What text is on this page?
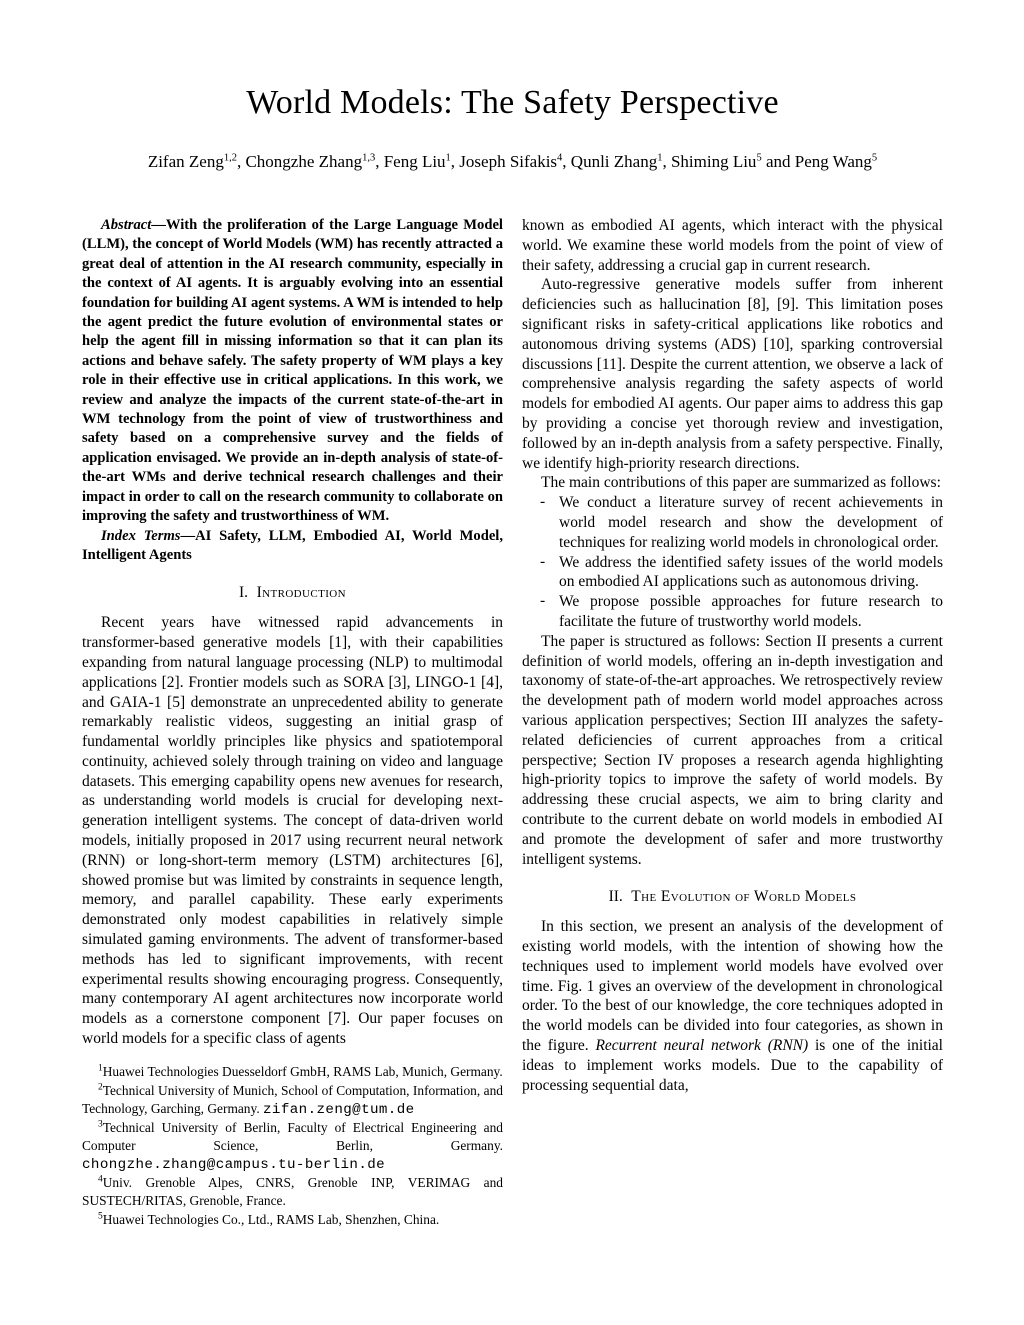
World Models: The Safety Perspective
Zifan Zeng$^{1,2}$, Chongzhe Zhang$^{1,3}$, Feng Liu$^1$, Joseph Sifakis$^4$, Qunli Zhang$^1$, Shiming Liu$^5$ and Peng Wang$^5$

Abstract—With the proliferation of the Large Language Model (LLM), the concept of World Models (WM) has recently attracted a great deal of attention in the AI research community, especially in the context of AI agents. It is arguably evolving into an essential foundation for building AI agent systems. A WM is intended to help the agent predict the future evolution of environmental states or help the agent fill in missing information so that it can plan its actions and behave safely. The safety property of WM plays a key role in their effective use in critical applications. In this work, we review and analyze the impacts of the current state-of-the-art in WM technology from the point of view of trustworthiness and safety based on a comprehensive survey and the fields of application envisaged. We provide an in-depth analysis of state-of-the-art WMs and derive technical research challenges and their impact in order to call on the research community to collaborate on improving the safety and trustworthiness of WM.

Index Terms—AI Safety, LLM, Embodied AI, World Model, Intelligent Agents

I. Introduction

Recent years have witnessed rapid advancements in transformer-based generative models [1], with their capabilities expanding from natural language processing (NLP) to multimodal applications [2]. Frontier models such as SORA [3], LINGO-1 [4], and GAIA-1 [5] demonstrate an unprecedented ability to generate remarkably realistic videos, suggesting an initial grasp of fundamental worldly principles like physics and spatiotemporal continuity, achieved solely through training on video and language datasets. This emerging capability opens new avenues for research, as understanding world models is crucial for developing next-generation intelligent systems. The concept of data-driven world models, initially proposed in 2017 using recurrent neural network (RNN) or long-short-term memory (LSTM) architectures [6], showed promise but was limited by constraints in sequence length, memory, and parallel capability. These early experiments demonstrated only modest capabilities in relatively simple simulated gaming environments. The advent of transformer-based methods has led to significant improvements, with recent experimental results showing encouraging progress. Consequently, many contemporary AI agent architectures now incorporate world models as a cornerstone component [7]. Our paper focuses on world models for a specific class of agents

$^1$Huawei Technologies Duesseldorf GmbH, RAMS Lab, Munich, Germany.

$^2$Technical University of Munich, School of Computation, Information, and Technology, Garching, Germany. zifan.zeng@tum.de

$^3$Technical University of Berlin, Faculty of Electrical Engineering and Computer Science, Berlin, Germany. chongzhe.zhang@campus.tu-berlin.de

$^4$Univ. Grenoble Alpes, CNRS, Grenoble INP, VERIMAG and SUSTECH/RITAS, Grenoble, France.

$^5$Huawei Technologies Co., Ltd., RAMS Lab, Shenzhen, China.

known as embodied AI agents, which interact with the physical world. We examine these world models from the point of view of their safety, addressing a crucial gap in current research.

Auto-regressive generative models suffer from inherent deficiencies such as hallucination [8], [9]. This limitation poses significant risks in safety-critical applications like robotics and autonomous driving systems (ADS) [10], sparking controversial discussions [11]. Despite the current attention, we observe a lack of comprehensive analysis regarding the safety aspects of world models for embodied AI agents. Our paper aims to address this gap by providing a concise yet thorough review and investigation, followed by an in-depth analysis from a safety perspective. Finally, we identify high-priority research directions.

The main contributions of this paper are summarized as follows:

- We conduct a literature survey of recent achievements in world model research and show the development of techniques for realizing world models in chronological order.
- We address the identified safety issues of the world models on embodied AI applications such as autonomous driving.
- We propose possible approaches for future research to facilitate the future of trustworthy world models.

The paper is structured as follows: Section II presents a current definition of world models, offering an in-depth investigation and taxonomy of state-of-the-art approaches. We retrospectively review the development path of modern world model approaches across various application perspectives; Section III analyzes the safety-related deficiencies of current approaches from a critical perspective; Section IV proposes a research agenda highlighting high-priority topics to improve the safety of world models. By addressing these crucial aspects, we aim to bring clarity and contribute to the current debate on world models in embodied AI and promote the development of safer and more trustworthy intelligent systems.

II. The Evolution of World Models

In this section, we present an analysis of the development of existing world models, with the intention of showing how the techniques used to implement world models have evolved over time. Fig. 1 gives an overview of the development in chronological order. To the best of our knowledge, the core techniques adopted in the world models can be divided into four categories, as shown in the figure. Recurrent neural network (RNN) is one of the initial ideas to implement works models. Due to the capability of processing sequential data,
